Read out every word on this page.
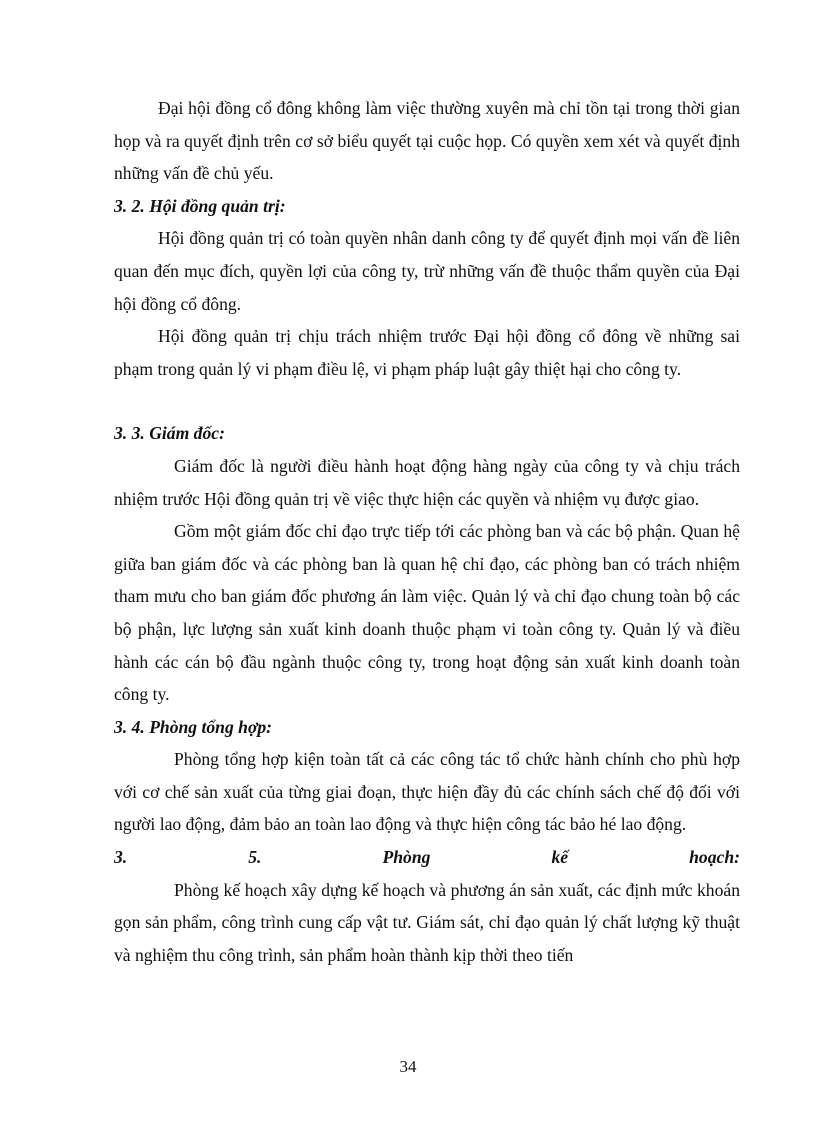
Đại hội đồng cổ đông không làm việc thường xuyên mà chỉ tồn tại trong thời gian họp và ra quyết định trên cơ sở biểu quyết tại cuộc họp. Có quyền xem xét và quyết định những vấn đề chủ yếu.

3. 2. Hội đồng quản trị:

Hội đồng quản trị có toàn quyền nhân danh công ty để quyết định mọi vấn đề liên quan đến mục đích, quyền lợi của công ty, trừ những vấn đề thuộc thẩm quyền của Đại hội đồng cổ đông.

Hội đồng quản trị chịu trách nhiệm trước Đại hội đồng cổ đông về những sai phạm trong quản lý vi phạm điều lệ, vi phạm pháp luật gây thiệt hại cho công ty.

3. 3. Giám đốc:

Giám đốc là người điều hành hoạt động hàng ngày của công ty và chịu trách nhiệm trước Hội đồng quản trị về việc thực hiện các quyền và nhiệm vụ được giao.

Gồm một giám đốc chỉ đạo trực tiếp tới các phòng ban và các bộ phận. Quan hệ giữa ban giám đốc và các phòng ban là quan hệ chỉ đạo, các phòng ban có trách nhiệm tham mưu cho ban giám đốc phương án làm việc. Quản lý và chỉ đạo chung toàn bộ các bộ phận, lực lượng sản xuất kinh doanh thuộc phạm vi toàn công ty. Quản lý và điều hành các cán bộ đầu ngành thuộc công ty, trong hoạt động sản xuất kinh doanh toàn công ty.

3. 4. Phòng tổng hợp:

Phòng tổng hợp kiện toàn tất cả các công tác tổ chức hành chính cho phù hợp với cơ chế sản xuất của từng giai đoạn, thực hiện đầy đủ các chính sách chế độ đối với người lao động, đảm bảo an toàn lao động và thực hiện công tác bảo hé lao động.

3.	5.	Phòng	kế	hoạch:

Phòng kế hoạch xây dựng kế hoạch và phương án sản xuất, các định mức khoán gọn sản phẩm, công trình cung cấp vật tư. Giám sát, chỉ đạo quản lý chất lượng kỹ thuật và nghiệm thu công trình, sản phẩm hoàn thành kịp thời theo tiến

34
